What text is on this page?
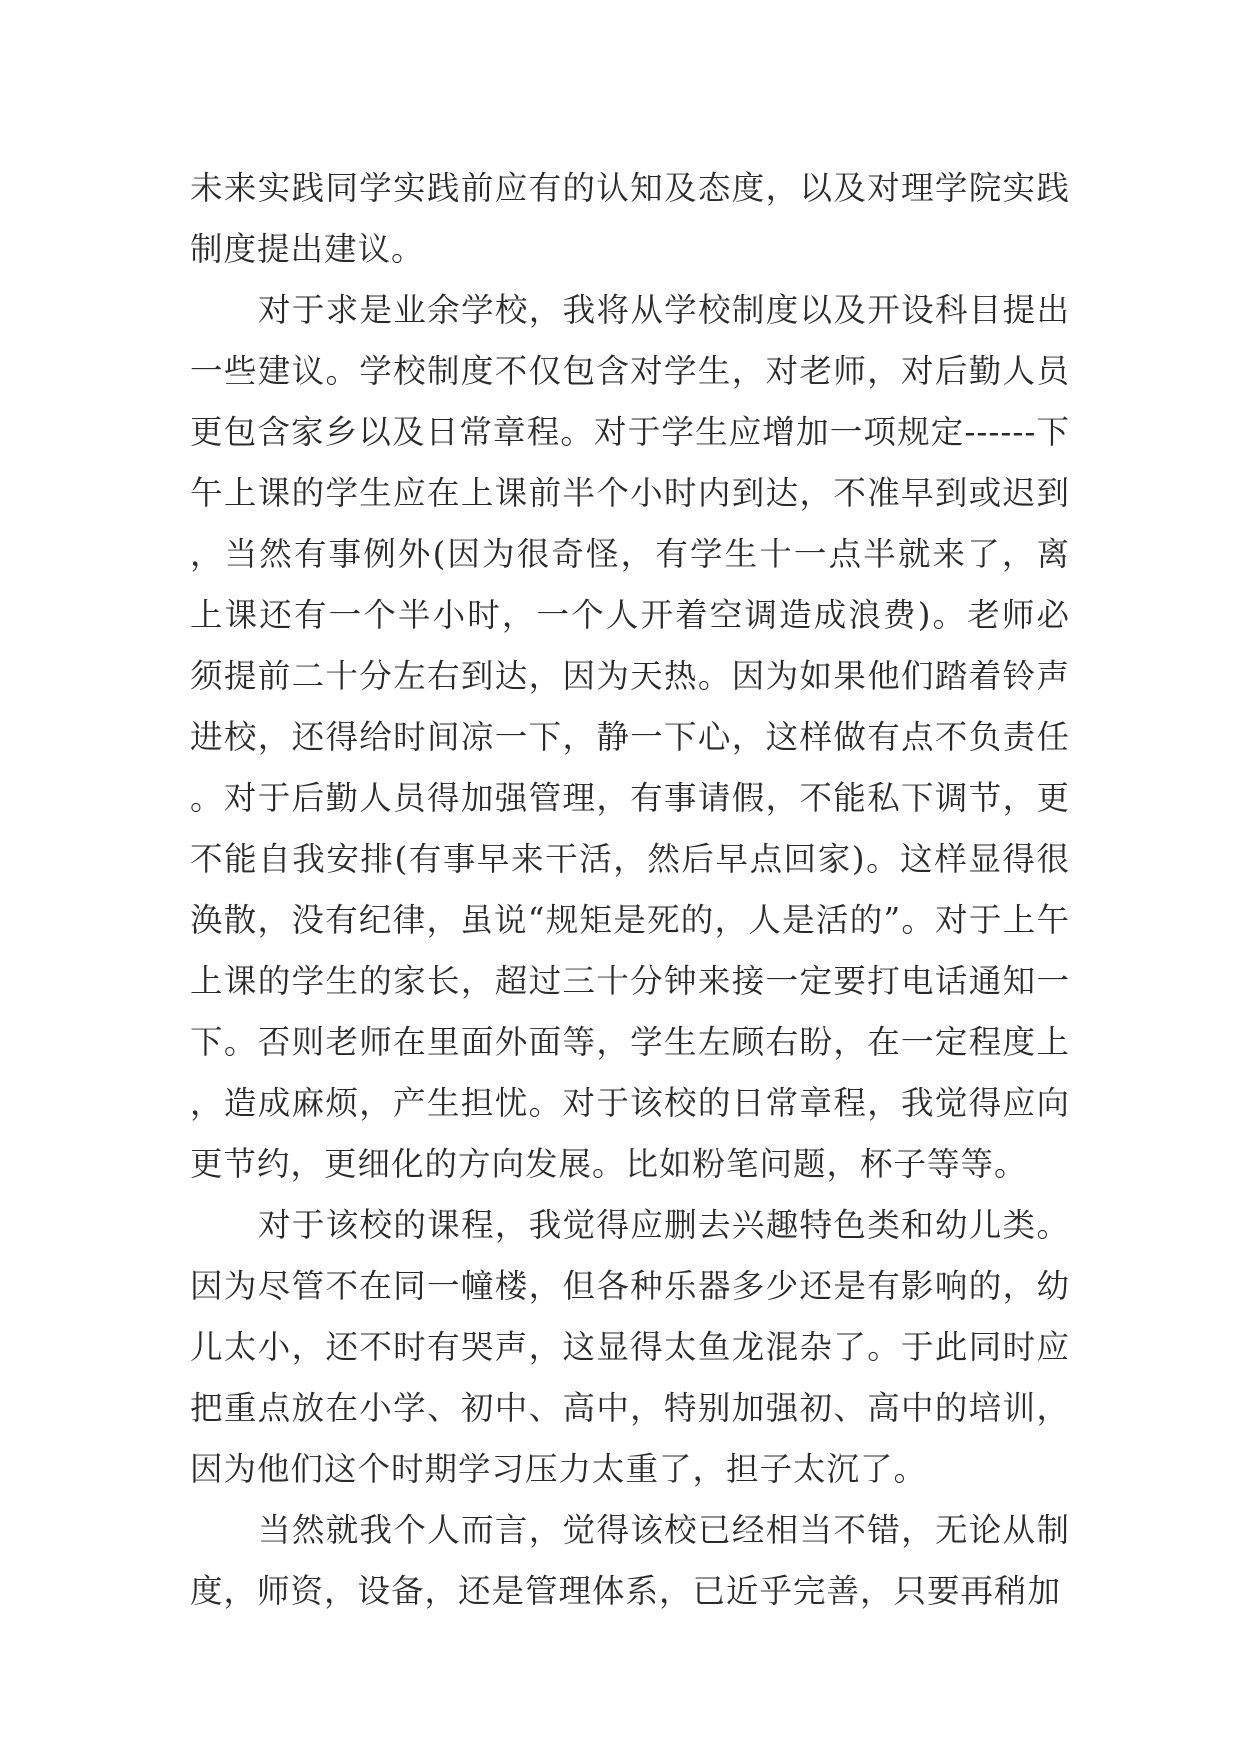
未来实践同学实践前应有的认知及态度，以及对理学院实践制度提出建议。

对于求是业余学校，我将从学校制度以及开设科目提出一些建议。学校制度不仅包含对学生，对老师，对后勤人员更包含家乡以及日常章程。对于学生应增加一项规定------下午上课的学生应在上课前半个小时内到达，不准早到或迟到，当然有事例外(因为很奇怪，有学生十一点半就来了，离上课还有一个半小时，一个人开着空调造成浪费)。老师必须提前二十分左右到达，因为天热。因为如果他们踏着铃声进校，还得给时间凉一下，静一下心，这样做有点不负责任。对于后勤人员得加强管理，有事请假，不能私下调节，更不能自我安排(有事早来干活，然后早点回家)。这样显得很涣散，没有纪律，虽说“规矩是死的，人是活的”。对于上午上课的学生的家长，超过三十分钟来接一定要打电话通知一下。否则老师在里面外面等，学生左顾右盼，在一定程度上，造成麻烦，产生担忧。对于该校的日常章程，我觉得应向更节约，更细化的方向发展。比如粉笔问题，杯子等等。

对于该校的课程，我觉得应删去兴趣特色类和幼儿类。因为尽管不在同一幢楼，但各种乐器多少还是有影响的，幼儿太小，还不时有哭声，这显得太鱼龙混杂了。于此同时应把重点放在小学、初中、高中，特别加强初、高中的培训，因为他们这个时期学习压力太重了，担子太沉了。

当然就我个人而言，觉得该校已经相当不错，无论从制度，师资，设备，还是管理体系，已近乎完善，只要再稍加
